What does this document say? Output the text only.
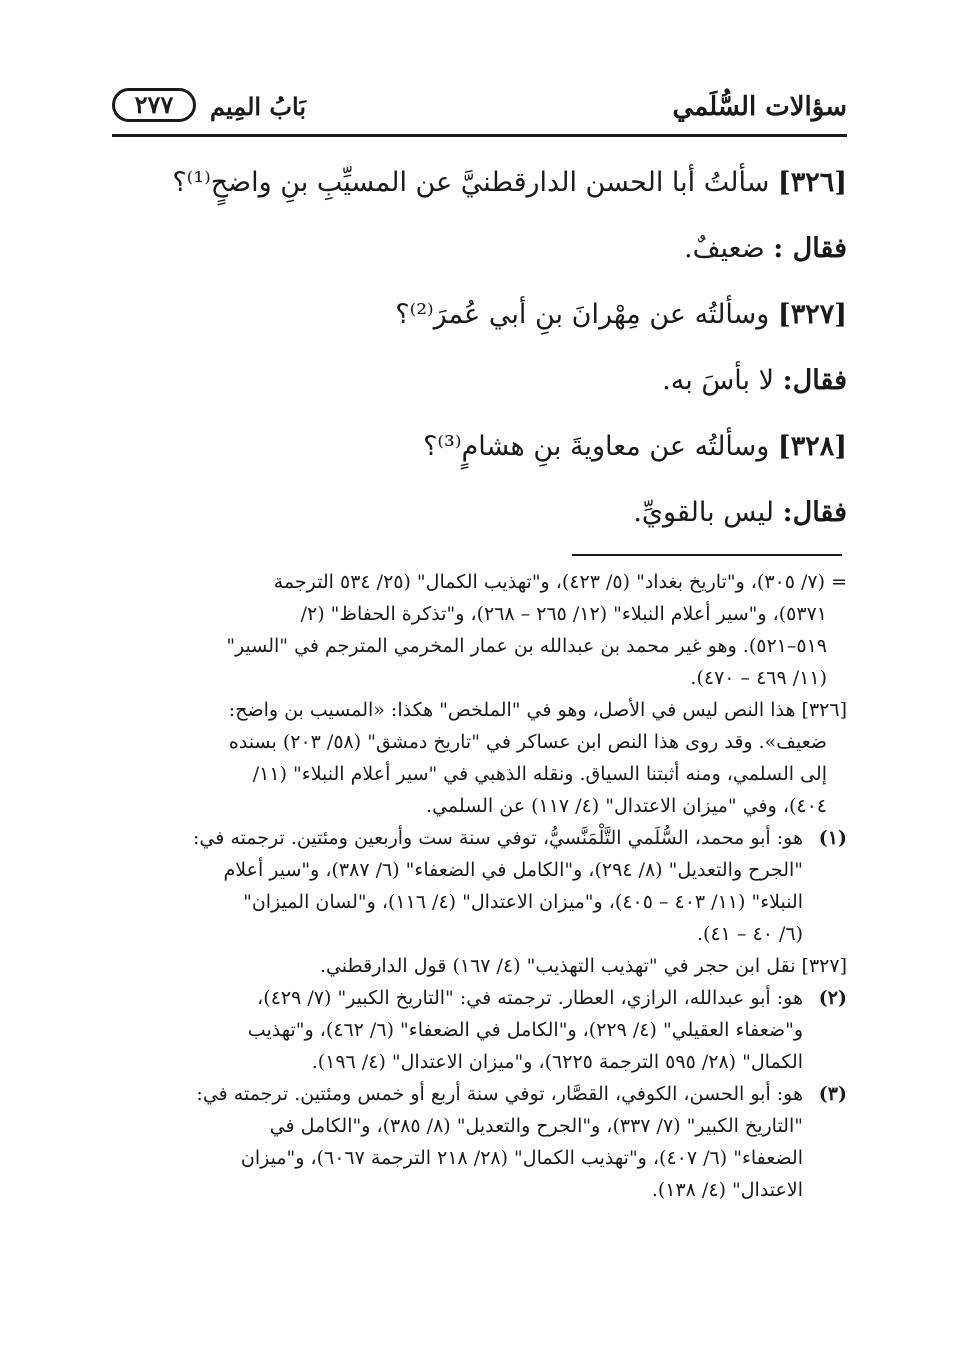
سؤالات السُّلَمي
بَابُ المِيم
٢٧٧
[٣٢٦] سألتُ أبا الحسن الدارقطنيَّ عن المسيِّبِ بنِ واضحٍ⁽¹⁾؟
فقال : ضعيفٌ.
[٣٢٧] وسألتُه عن مِهْرانَ بنِ أبي عُمرَ⁽²⁾؟
فقال: لا بأسَ به.
[٣٢٨] وسألتُه عن معاويةَ بنِ هشامٍ⁽³⁾؟
فقال: ليس بالقويِّ.
= (٧/ ٣٠٥)، و"تاريخ بغداد" (٥/ ٤٢٣)، و"تهذيب الكمال" (٢٥/ ٥٣٤ الترجمة
٥٣٧١)، و"سير أعلام النبلاء" (١٢/ ٢٦٥ – ٢٦٨)، و"تذكرة الحفاظ" (٢/
٥١٩–٥٢١). وهو غير محمد بن عبدالله بن عمار المخرمي المترجم في "السير"
(١١/ ٤٦٩ – ٤٧٠).
[٣٢٦] هذا النص ليس في الأصل، وهو في "الملخص" هكذا: «المسيب بن واضح:
ضعيف». وقد روى هذا النص ابن عساكر في "تاريخ دمشق" (٥٨/ ٢٠٣) بسنده
إلى السلمي، ومنه أثبتنا السياق. ونقله الذهبي في "سير أعلام النبلاء" (١١/
٤٠٤)، وفي "ميزان الاعتدال" (٤/ ١١٧) عن السلمي.
(١)
هو: أبو محمد، السُّلَمي التَّلْمَنَّسيُّ، توفي سنة ست وأربعين ومئتين. ترجمته في:
"الجرح والتعديل" (٨/ ٢٩٤)، و"الكامل في الضعفاء" (٦/ ٣٨٧)، و"سير أعلام
النبلاء" (١١/ ٤٠٣ – ٤٠٥)، و"ميزان الاعتدال" (٤/ ١١٦)، و"لسان الميزان"
(٦/ ٤٠ – ٤١).
[٣٢٧] نقل ابن حجر في "تهذيب التهذيب" (٤/ ١٦٧) قول الدارقطني.
(٢)
هو: أبو عبدالله، الرازي، العطار. ترجمته في: "التاريخ الكبير" (٧/ ٤٢٩)،
و"ضعفاء العقيلي" (٤/ ٢٢٩)، و"الكامل في الضعفاء" (٦/ ٤٦٢)، و"تهذيب
الكمال" (٢٨/ ٥٩٥ الترجمة ٦٢٢٥)، و"ميزان الاعتدال" (٤/ ١٩٦).
(٣)
هو: أبو الحسن، الكوفي، القصَّار، توفي سنة أربع أو خمس ومئتين. ترجمته في:
"التاريخ الكبير" (٧/ ٣٣٧)، و"الجرح والتعديل" (٨/ ٣٨٥)، و"الكامل في
الضعفاء" (٦/ ٤٠٧)، و"تهذيب الكمال" (٢٨/ ٢١٨ الترجمة ٦٠٦٧)، و"ميزان
الاعتدال" (٤/ ١٣٨).
